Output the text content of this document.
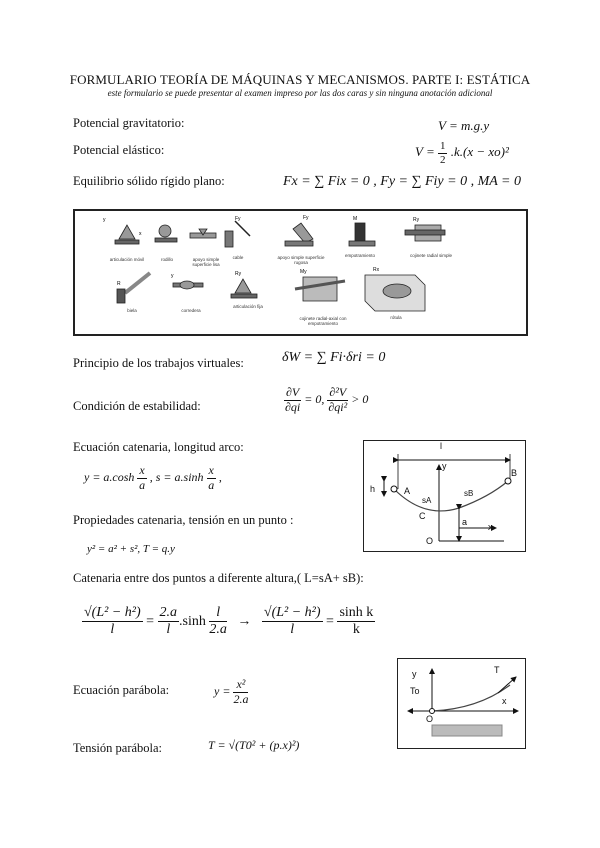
FORMULARIO TEORÍA DE MÁQUINAS Y MECANISMOS. PARTE I: ESTÁTICA
este formulario se puede presentar al examen impreso por las dos caras y sin ninguna anotación adicional
Potencial gravitatorio:	V = m.g.y
Potencial elástico:	$V = \frac{1}{2} .k.(x - xo)^2$
Equilibrio sólido rígido plano:	Fx = ∑ Fix = 0 , Fy = ∑ Fiy = 0 , MA = 0
y
x
Fy	Fy	M	Ry
R
y	Ry	My	Rx
articulación móvil	rodillo	apoyo simple superficie lisa
cable	apoyo simple superficie rugosa
empotramiento	cojinete radial simple
biela	corredera
articulación fija
cojinete radial-axial con empotramiento
rótula
Principio de los trabajos virtuales:	δW = ∑ Fi·δri = 0
Condición de estabilidad:	$\frac{\partial V}{\partial qi} = 0$, $\frac{\text{∂²V}}{\text{∂qi²}} > 0$
Ecuación catenaria, longitud arco:
$y = a.\cosh \frac{x}{a}$ , $s = a.\sinh \frac{x}{a}$ ,
l
y
B
h	A
sA
sB
C
a x
O
Propiedades catenaria, tensión en un punto :
y² = a² + s², T = q.y
Catenaria entre dos puntos a diferente altura,( L=sA+ sB):
$\frac{\text{√(L² − h²)}}{l} = \frac{2.a}{l} .\sinh \frac{l}{2.a} \to \frac{\text{√(L² − h²)}}{l} = \frac{\text{sinh k}}{k}$
Ecuación parábola:	$y = \frac{\text{x²}}{2.a}$
y	T
To
x
O
Tensión parábola:	T = √(T0² + (p.x)²)
